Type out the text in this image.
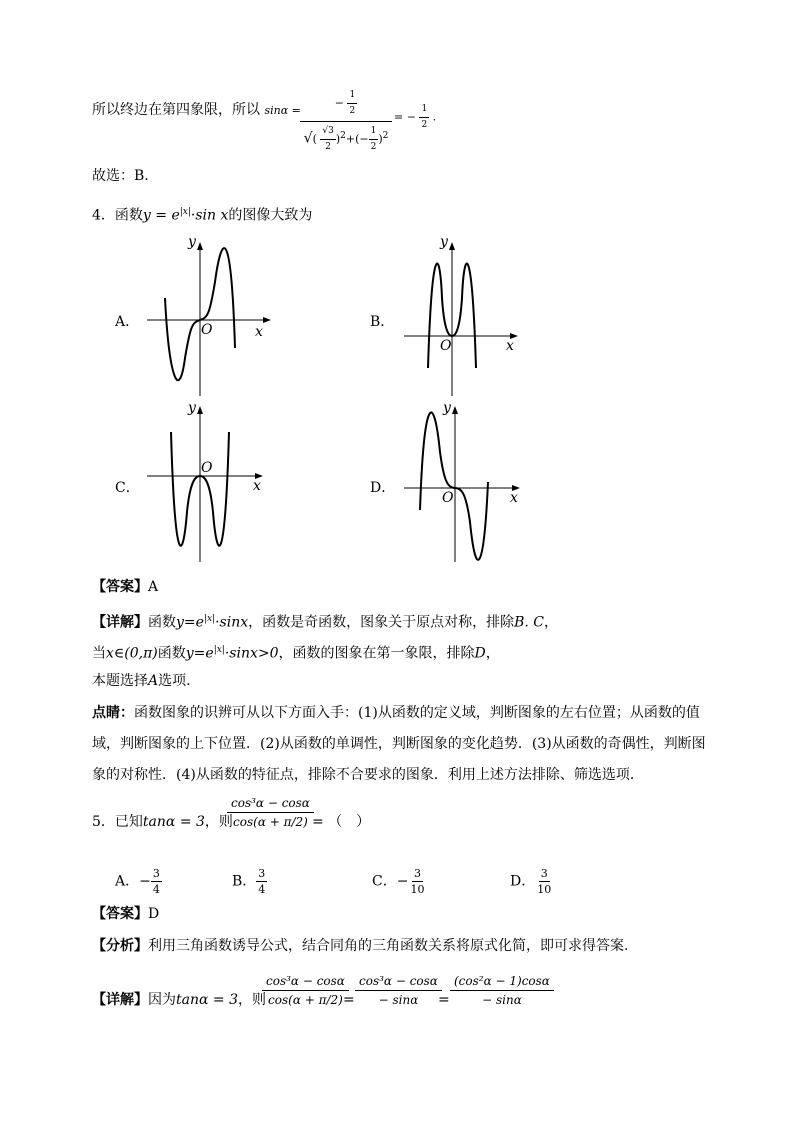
所以终边在第四象限，所以 sinα =
− $\frac{1}{2}$
√( $\frac{√3}{2} )^2+(- \frac{1}{2} )^2$
= − $\frac{1}{2}$ .
故选：B.
4．函数$y = e^{|x|}\cdot\sin$ x的图像大致为
A．	B．
C．	D．
y
x
O
y
x
O
y
x
O
y
x
O
【答案】A
【详解】函数$y=e^{|x|}\cdot\sin x$，函数是奇函数，图象关于原点对称，排除B. C，
当x∈(0,π)函数$y=e^{|x|}\cdot\sin x>0$，函数的图象在第一象限，排除D，
本题选择A选项.
点睛：函数图象的识辨可从以下方面入手：(1)从函数的定义域，判断图象的左右位置；从函数的值
域，判断图象的上下位置．(2)从函数的单调性，判断图象的变化趋势．(3)从函数的奇偶性，判断图
象的对称性．(4)从函数的特征点，排除不合要求的图象．利用上述方法排除、筛选选项．
5．已知tanα = 3，则
$\frac{\text{cos³α − cosα}}{\cos(\alpha + \pi/2)}$
= （　）
A．− $\frac{3}{4}$	B． $\frac{3}{4}$	C．− $\frac{3}{10}$	D． $\frac{3}{10}$
【答案】D
【分析】利用三角函数诱导公式，结合同角的三角函数关系将原式化简，即可求得答案.
【详解】因为tanα = 3，则
$\frac{\text{cos³α − cosα}}{\cos(\alpha + \pi/2)}$
= $\frac{\text{cos³α − cosα}}{- \sin\alpha}$
= $\frac{\text{(cos²α − 1)cosα}}{- \sin\alpha}$
